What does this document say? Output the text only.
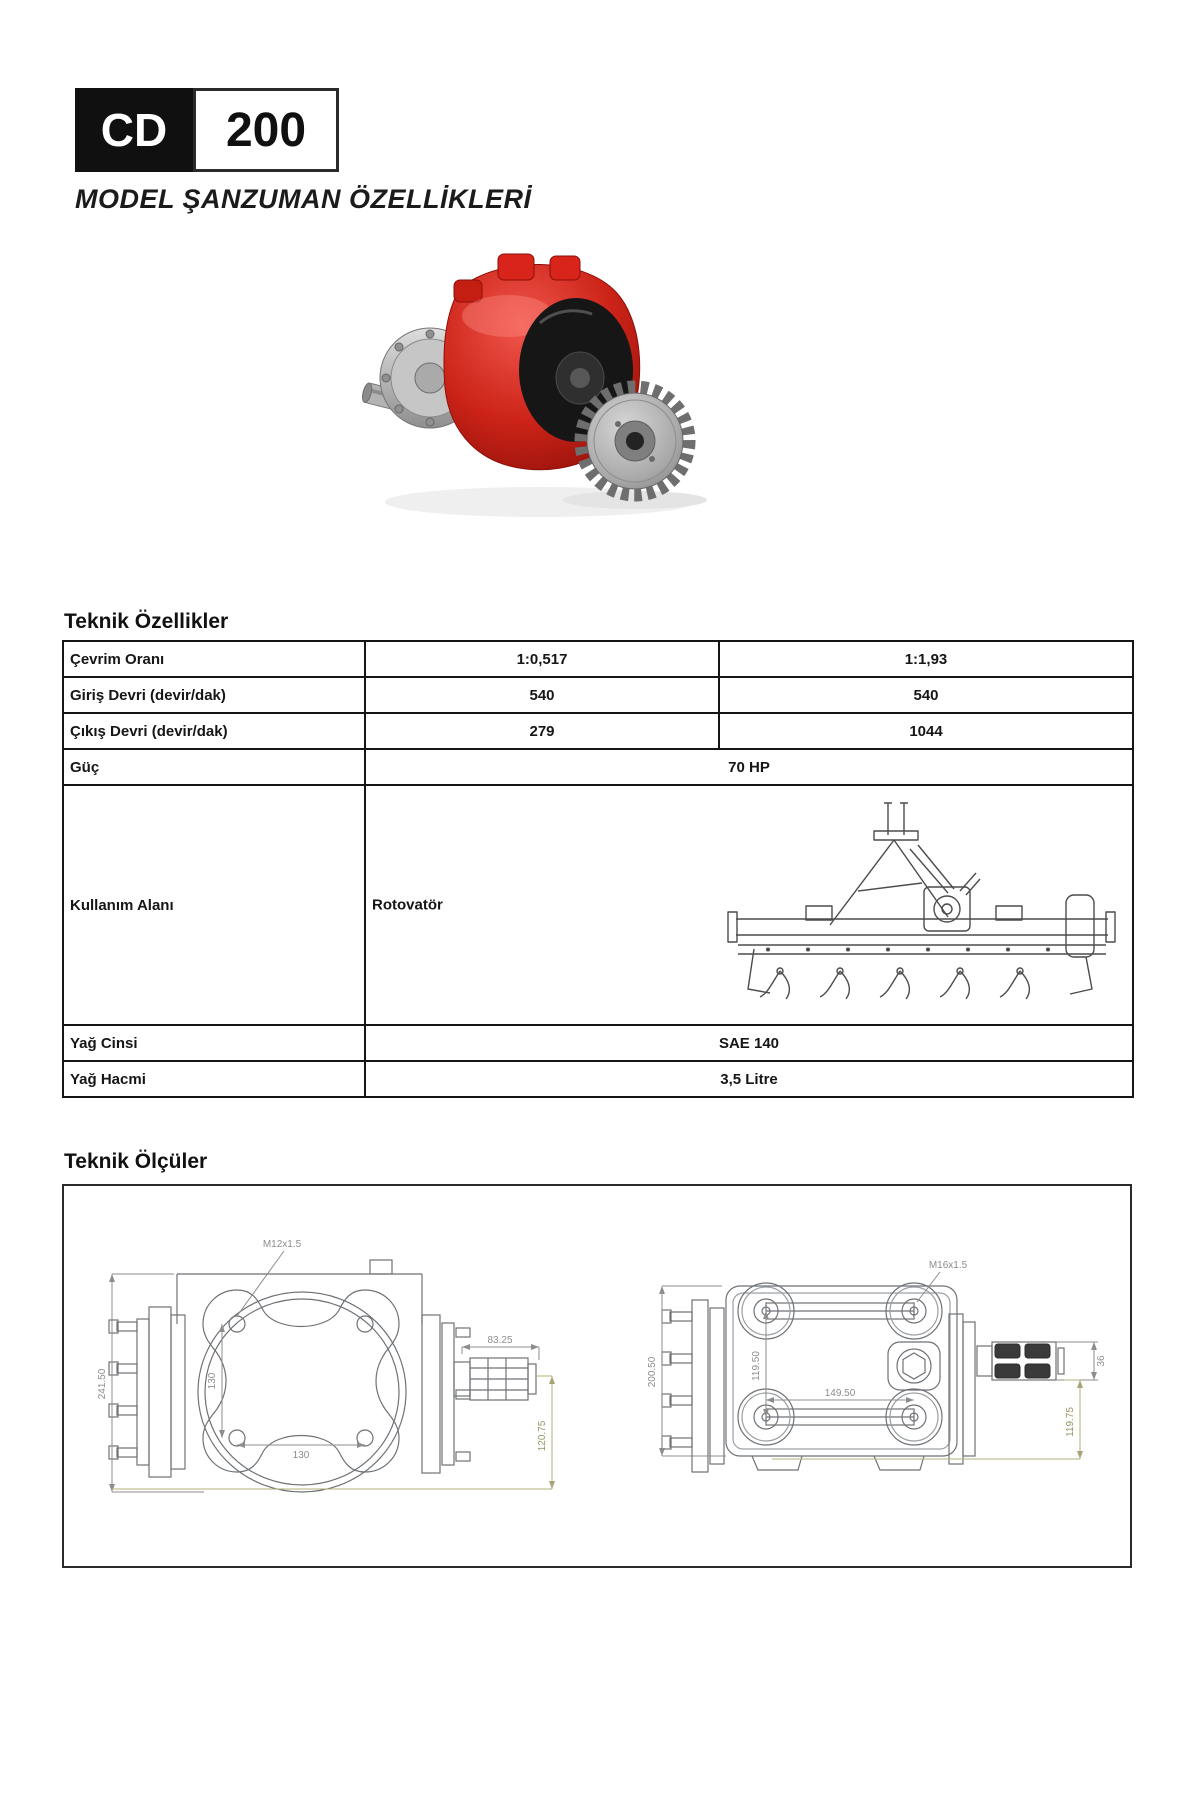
CD	200
MODEL ŞANZUMAN ÖZELLİKLERİ
Teknik Özellikler
Çevrim Oranı	1:0,517	1:1,93
Giriş Devri (devir/dak)	540	540
Çıkış Devri (devir/dak)	279	1044
Güç	70 HP	
Kullanım Alanı	Rotovatör	

Yağ Cinsi	SAE 140	
Yağ Hacmi	3,5 Litre	
Teknik Ölçüler
M12x1.5
241.50	130
130
83.25
120.75
M16x1.5
200.50	119.50
149.50
36
119.75
